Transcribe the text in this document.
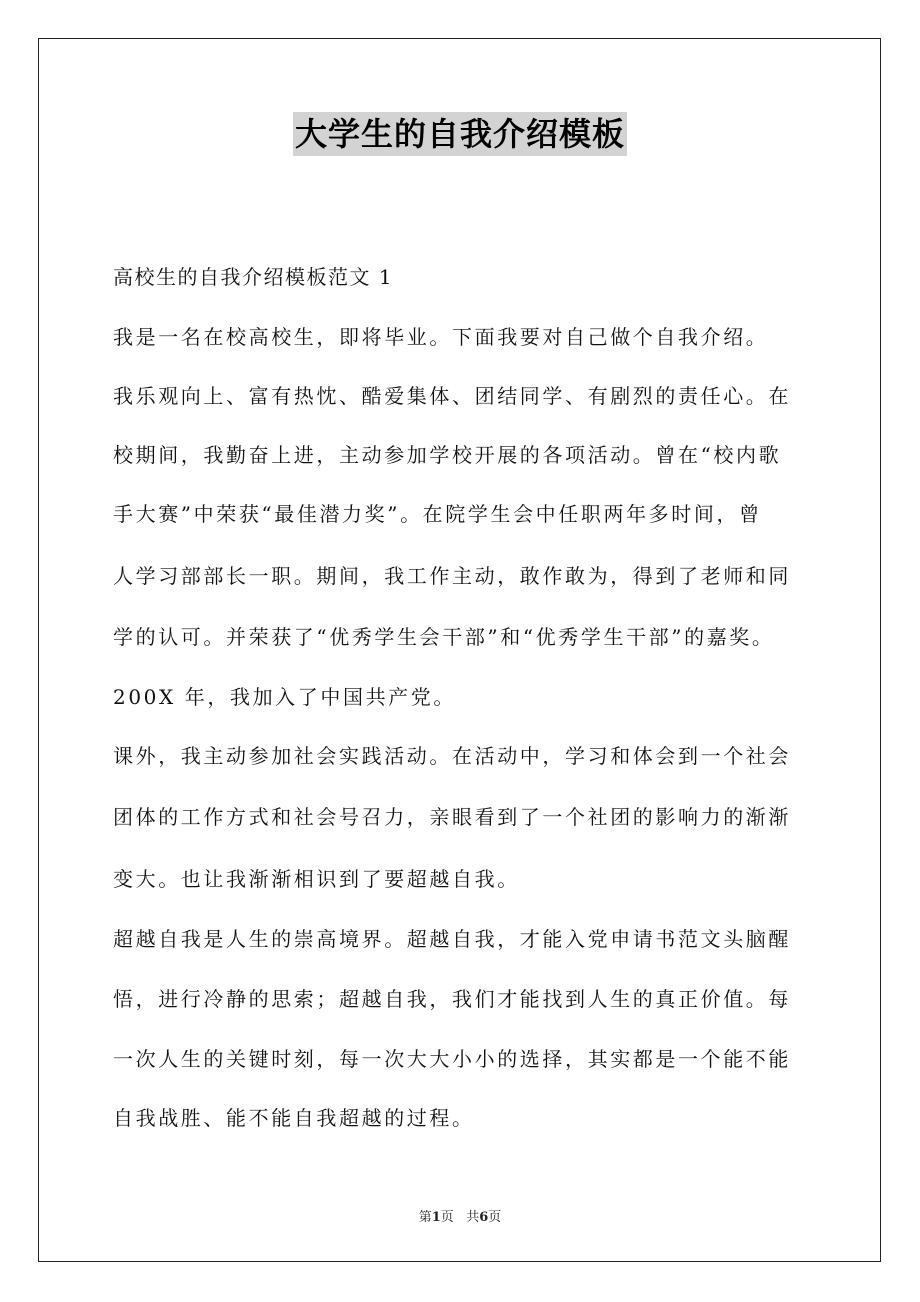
大学生的自我介绍模板
高校生的自我介绍模板范文 1
我是一名在校高校生，即将毕业。下面我要对自己做个自我介绍。
我乐观向上、富有热忱、酷爱集体、团结同学、有剧烈的责任心。在
校期间，我勤奋上进，主动参加学校开展的各项活动。曾在“校内歌
手大赛”中荣获“最佳潜力奖”。在院学生会中任职两年多时间，曾
人学习部部长一职。期间，我工作主动，敢作敢为，得到了老师和同
学的认可。并荣获了“优秀学生会干部”和“优秀学生干部”的嘉奖。
200X 年，我加入了中国共产党。
课外，我主动参加社会实践活动。在活动中，学习和体会到一个社会
团体的工作方式和社会号召力，亲眼看到了一个社团的影响力的渐渐
变大。也让我渐渐相识到了要超越自我。
超越自我是人生的崇高境界。超越自我，才能入党申请书范文头脑醒
悟，进行冷静的思索；超越自我，我们才能找到人生的真正价值。每
一次人生的关键时刻，每一次大大小小的选择，其实都是一个能不能
自我战胜、能不能自我超越的过程。
第1页 共6页
